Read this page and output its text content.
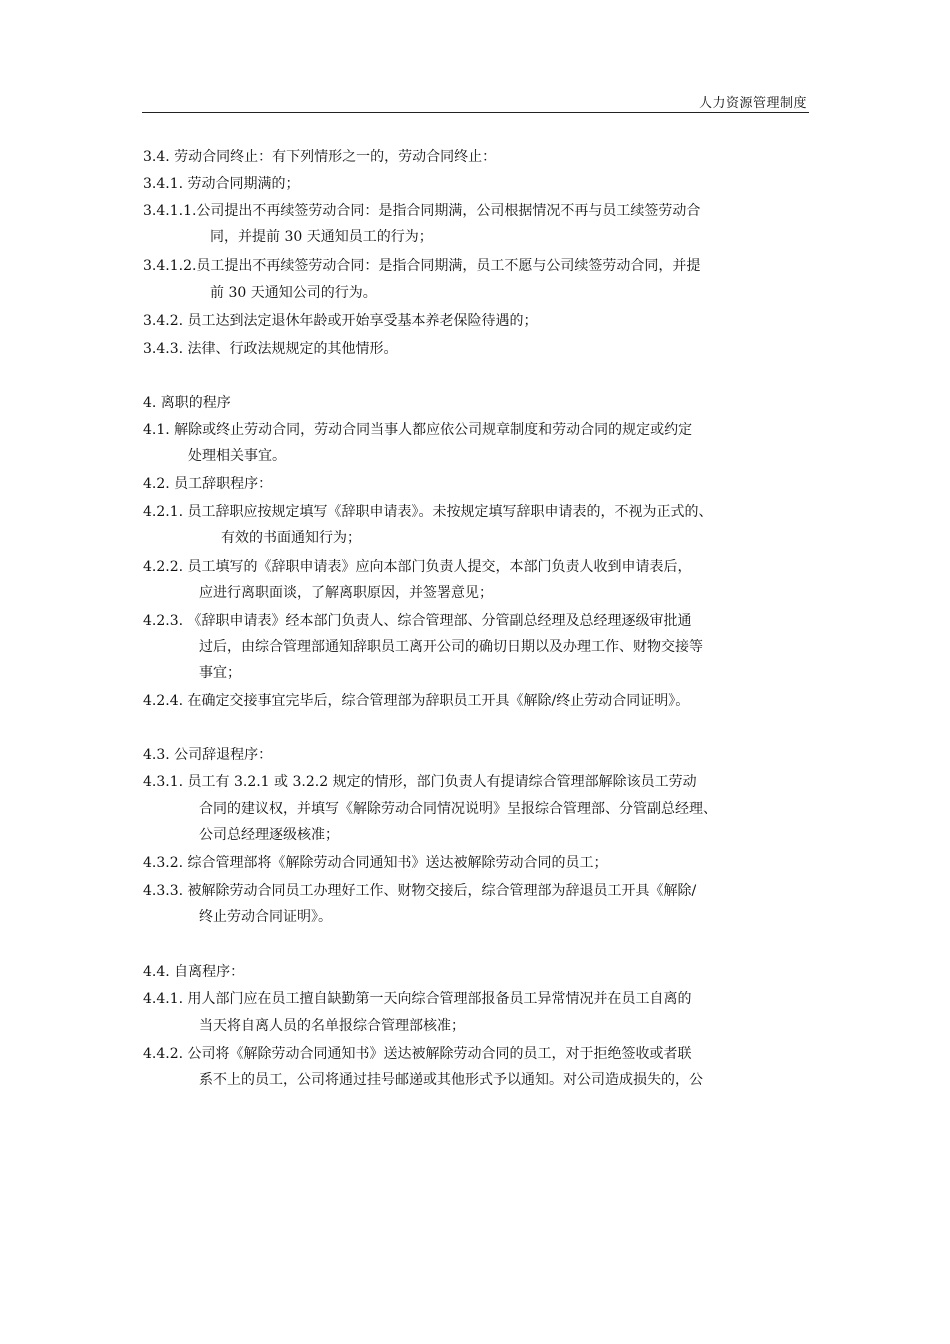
人力资源管理制度
3.4. 劳动合同终止：有下列情形之一的，劳动合同终止：
3.4.1. 劳动合同期满的；
3.4.1.1.公司提出不再续签劳动合同：是指合同期满，公司根据情况不再与员工续签劳动合
同，并提前 30 天通知员工的行为；
3.4.1.2.员工提出不再续签劳动合同：是指合同期满，员工不愿与公司续签劳动合同，并提
前 30 天通知公司的行为。
3.4.2. 员工达到法定退休年龄或开始享受基本养老保险待遇的；
3.4.3. 法律、行政法规规定的其他情形。
4. 离职的程序
4.1. 解除或终止劳动合同，劳动合同当事人都应依公司规章制度和劳动合同的规定或约定
处理相关事宜。
4.2. 员工辞职程序：
4.2.1. 员工辞职应按规定填写《辞职申请表》。未按规定填写辞职申请表的，不视为正式的、
有效的书面通知行为；
4.2.2. 员工填写的《辞职申请表》应向本部门负责人提交，本部门负责人收到申请表后，
应进行离职面谈，了解离职原因，并签署意见；
4.2.3. 《辞职申请表》经本部门负责人、综合管理部、分管副总经理及总经理逐级审批通
过后，由综合管理部通知辞职员工离开公司的确切日期以及办理工作、财物交接等
事宜；
4.2.4. 在确定交接事宜完毕后，综合管理部为辞职员工开具《解除/终止劳动合同证明》。
4.3. 公司辞退程序：
4.3.1. 员工有 3.2.1 或 3.2.2 规定的情形，部门负责人有提请综合管理部解除该员工劳动
合同的建议权，并填写《解除劳动合同情况说明》呈报综合管理部、分管副总经理、
公司总经理逐级核准；
4.3.2. 综合管理部将《解除劳动合同通知书》送达被解除劳动合同的员工；
4.3.3. 被解除劳动合同员工办理好工作、财物交接后，综合管理部为辞退员工开具《解除/
终止劳动合同证明》。
4.4. 自离程序：
4.4.1. 用人部门应在员工擅自缺勤第一天向综合管理部报备员工异常情况并在员工自离的
当天将自离人员的名单报综合管理部核准；
4.4.2. 公司将《解除劳动合同通知书》送达被解除劳动合同的员工，对于拒绝签收或者联
系不上的员工，公司将通过挂号邮递或其他形式予以通知。对公司造成损失的，公
